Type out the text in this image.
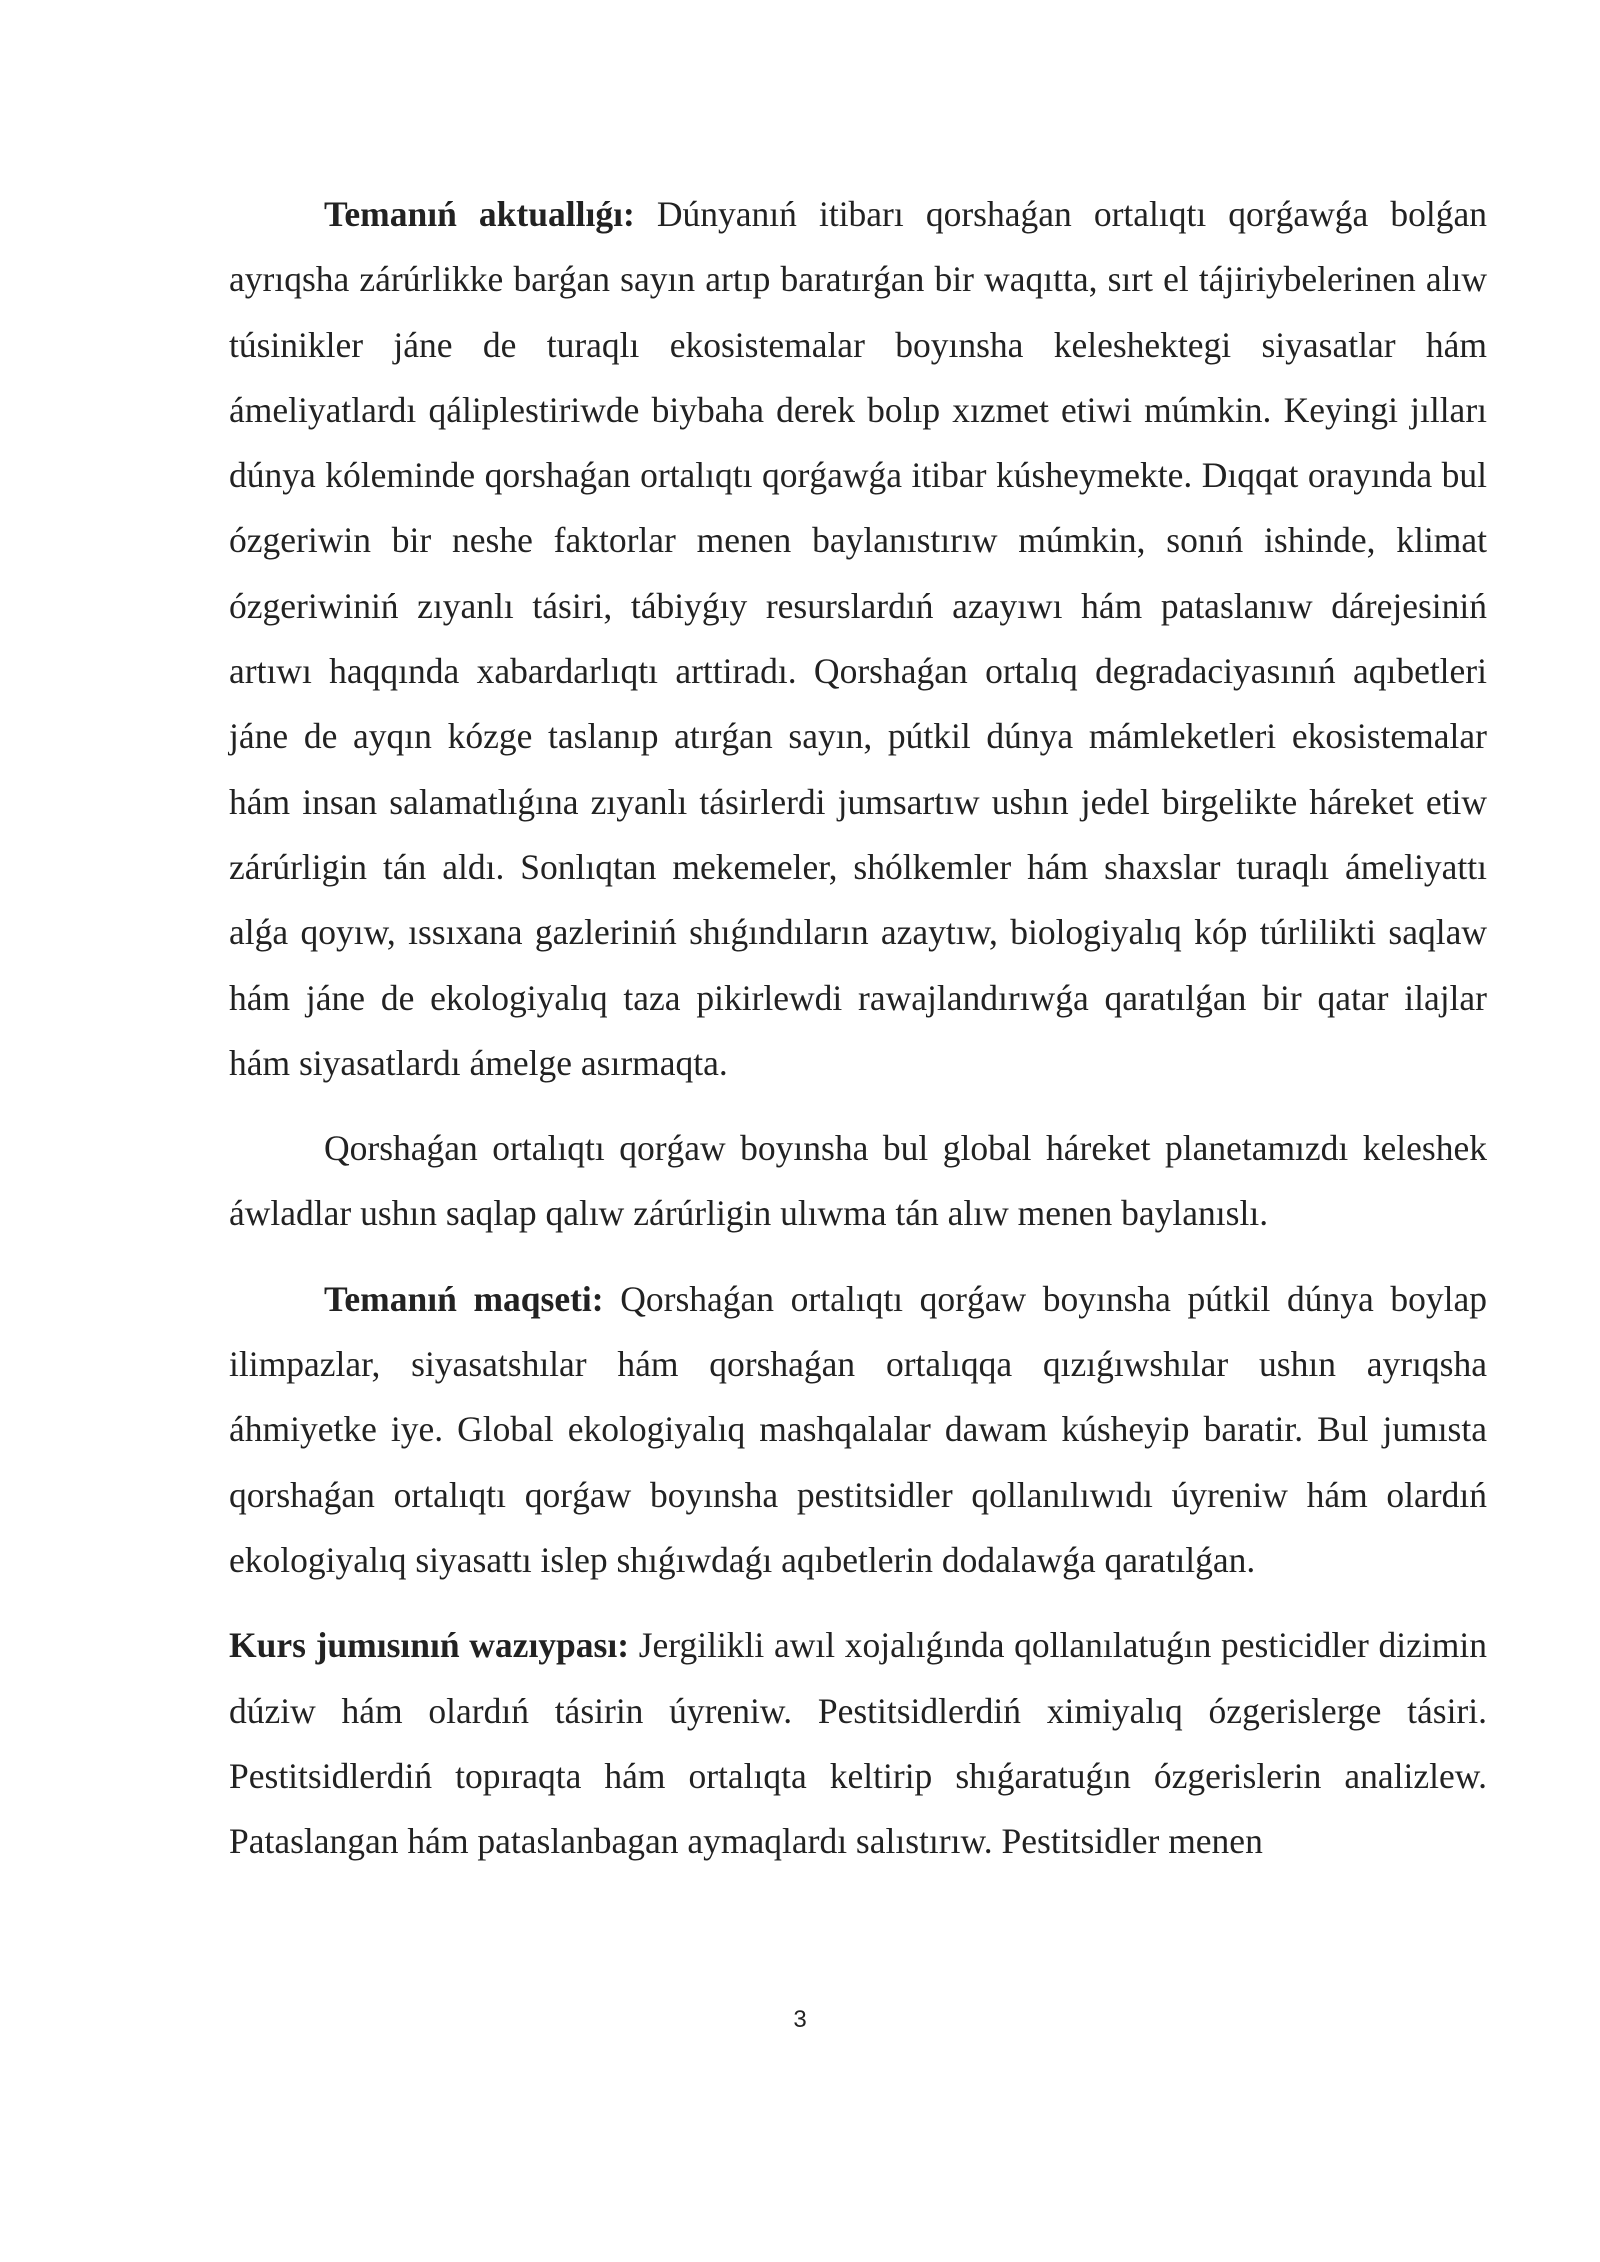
Temanıń aktuallıǵı: Dúnyanıń itibarı qorshaǵan ortalıqtı qorǵawǵa bolǵan ayrıqsha zárúrlikke barǵan sayın artıp baratırǵan bir waqıtta, sırt el tájiriybelerinen alıw túsinikler jáne de turaqlı ekosistemalar boyınsha keleshektegi siyasatlar hám ámeliyatlardı qáliplestiriwde biybaha derek bolıp xızmet etiwi múmkin. Keyingi jılları dúnya kóleminde qorshaǵan ortalıqtı qorǵawǵa itibar kúsheymekte. Dıqqat orayında bul ózgeriwin bir neshe faktorlar menen baylanıstırıw múmkin, sonıń ishinde, klimat ózgeriwiniń zıyanlı tásiri, tábiyǵıy resurslardıń azayıwı hám pataslanıw dárejesiniń artıwı haqqında xabardarlıqtı arttiradı. Qorshaǵan ortalıq degradaciyasınıń aqıbetleri jáne de ayqın kózge taslanıp atırǵan sayın, pútkil dúnya mámleketleri ekosistemalar hám insan salamatlıǵına zıyanlı tásirlerdi jumsartıw ushın jedel birgelikte háreket etiw zárúrligin tán aldı. Sonlıqtan mekemeler, shólkemler hám shaxslar turaqlı ámeliyattı alǵa qoyıw, ıssıxana gazleriniń shıǵındıların azaytıw, biologiyalıq kóp túrlilikti saqlaw hám jáne de ekologiyalıq taza pikirlewdi rawajlandırıwǵa qaratılǵan bir qatar ilajlar hám siyasatlardı ámelge asırmaqta.

Qorshaǵan ortalıqtı qorǵaw boyınsha bul global háreket planetamızdı keleshek áwladlar ushın saqlap qalıw zárúrligin ulıwma tán alıw menen baylanıslı.

Temanıń maqseti: Qorshaǵan ortalıqtı qorǵaw boyınsha pútkil dúnya boylap ilimpazlar, siyasatshılar hám qorshaǵan ortalıqqa qızıǵıwshılar ushın ayrıqsha áhmiyetke iye. Global ekologiyalıq mashqalalar dawam kúsheyip baratir. Bul jumısta qorshaǵan ortalıqtı qorǵaw boyınsha pestitsidler qollanılıwıdı úyreniw hám olardıń ekologiyalıq siyasattı islep shıǵıwdaǵı aqıbetlerin dodalawǵa qaratılǵan.

Kurs jumısınıń wazıypası: Jergilikli awıl xojalıǵında qollanılatuǵın pesticidler dizimin dúziw hám olardıń tásirin úyreniw. Pestitsidlerdiń ximiyalıq ózgerislerge tásiri. Pestitsidlerdiń topıraqta hám ortalıqta keltirip shıǵaratuǵın ózgerislerin analizlew. Pataslangan hám pataslanbagan aymaqlardı salıstırıw. Pestitsidler menen

3
